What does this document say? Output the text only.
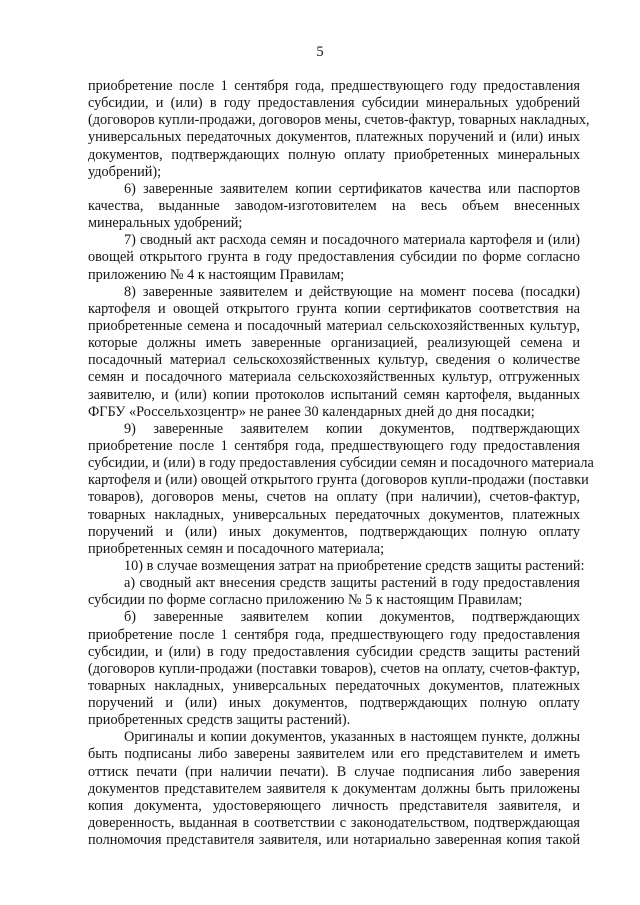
5
приобретение после 1 сентября года, предшествующего году предоставления
субсидии, и (или) в году предоставления субсидии минеральных удобрений
(договоров купли-продажи, договоров мены, счетов-фактур, товарных накладных,
универсальных передаточных документов, платежных поручений и (или) иных
документов, подтверждающих полную оплату приобретенных минеральных
удобрений);
6) заверенные заявителем копии сертификатов качества или паспортов
качества, выданные заводом-изготовителем на весь объем внесенных
минеральных удобрений;
7) сводный акт расхода семян и посадочного материала картофеля и (или)
овощей открытого грунта в году предоставления субсидии по форме согласно
приложению № 4 к настоящим Правилам;
8) заверенные заявителем и действующие на момент посева (посадки)
картофеля и овощей открытого грунта копии сертификатов соответствия на
приобретенные семена и посадочный материал сельскохозяйственных культур,
которые должны иметь заверенные организацией, реализующей семена и
посадочный материал сельскохозяйственных культур, сведения о количестве
семян и посадочного материала сельскохозяйственных культур, отгруженных
заявителю, и (или) копии протоколов испытаний семян картофеля, выданных
ФГБУ «Россельхозцентр» не ранее 30 календарных дней до дня посадки;
9) заверенные заявителем копии документов, подтверждающих
приобретение после 1 сентября года, предшествующего году предоставления
субсидии, и (или) в году предоставления субсидии семян и посадочного материала
картофеля и (или) овощей открытого грунта (договоров купли-продажи (поставки
товаров), договоров мены, счетов на оплату (при наличии), счетов-фактур,
товарных накладных, универсальных передаточных документов, платежных
поручений и (или) иных документов, подтверждающих полную оплату
приобретенных семян и посадочного материала;
10) в случае возмещения затрат на приобретение средств защиты растений:
а) сводный акт внесения средств защиты растений в году предоставления
субсидии по форме согласно приложению № 5 к настоящим Правилам;
б) заверенные заявителем копии документов, подтверждающих
приобретение после 1 сентября года, предшествующего году предоставления
субсидии, и (или) в году предоставления субсидии средств защиты растений
(договоров купли-продажи (поставки товаров), счетов на оплату, счетов-фактур,
товарных накладных, универсальных передаточных документов, платежных
поручений и (или) иных документов, подтверждающих полную оплату
приобретенных средств защиты растений).
Оригиналы и копии документов, указанных в настоящем пункте, должны
быть подписаны либо заверены заявителем или его представителем и иметь
оттиск печати (при наличии печати). В случае подписания либо заверения
документов представителем заявителя к документам должны быть приложены
копия документа, удостоверяющего личность представителя заявителя, и
доверенность, выданная в соответствии с законодательством, подтверждающая
полномочия представителя заявителя, или нотариально заверенная копия такой
